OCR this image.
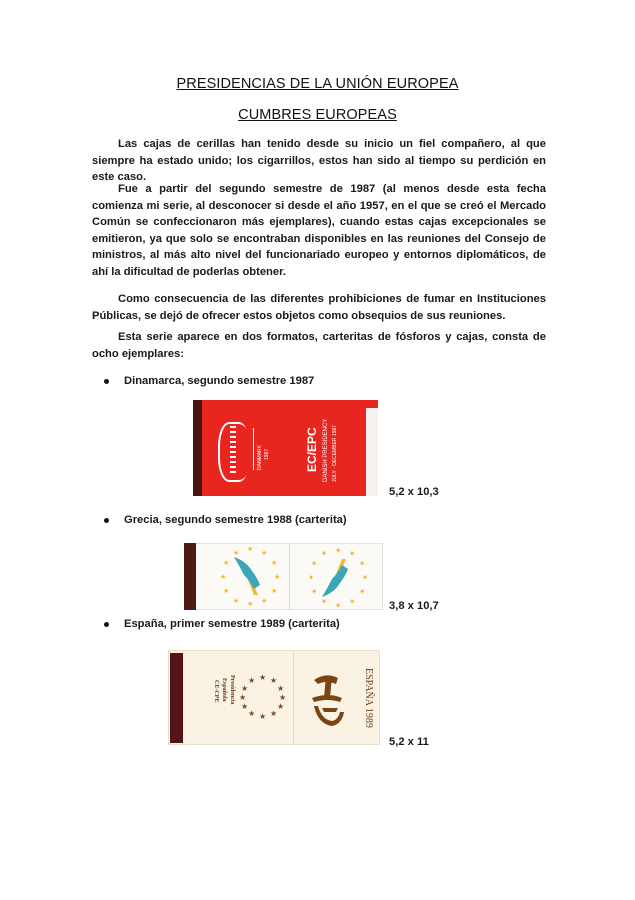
PRESIDENCIAS DE LA UNIÓN EUROPEA
CUMBRES EUROPEAS
Las cajas de cerillas han tenido desde su inicio un fiel compañero, al que siempre ha estado unido; los cigarrillos, estos han sido al tiempo su perdición en este caso.
Fue a partir del segundo semestre de 1987 (al menos desde esta fecha comienza mi serie, al desconocer si desde el año 1957, en el que se creó el Mercado Común se confeccionaron más ejemplares), cuando estas cajas excepcionales se emitieron, ya que solo se encontraban disponibles en las reuniones del Consejo de ministros, al más alto nivel del funcionariado europeo y entornos diplomáticos, de ahí la dificultad de poderlas obtener.
Como consecuencia de las diferentes prohibiciones de fumar en Instituciones Públicas, se dejó de ofrecer estos objetos como obsequios de sus reuniones.
Esta serie aparece en dos formatos, carteritas de fósforos y cajas, consta de ocho ejemplares:
Dinamarca, segundo semestre 1987
DANMARK 1987	EC/EPC DANISH PRESIDENCY JULY - DECEMBER 1987
5,2 x 10,3
Grecia, segundo semestre 1988 (carterita)
★
★
★
★
★
★
★
★
★
★
★
★
★
★
★
★
★
★
★
★
★
★
★
★	3,8 x 10,7
España, primer semestre 1989 (carterita)
Presidencia
Española
CE-CPE
★ ★
★
★
★
★
★
★
★
★
★
★	ESPAÑA 1989
5,2 x 11
